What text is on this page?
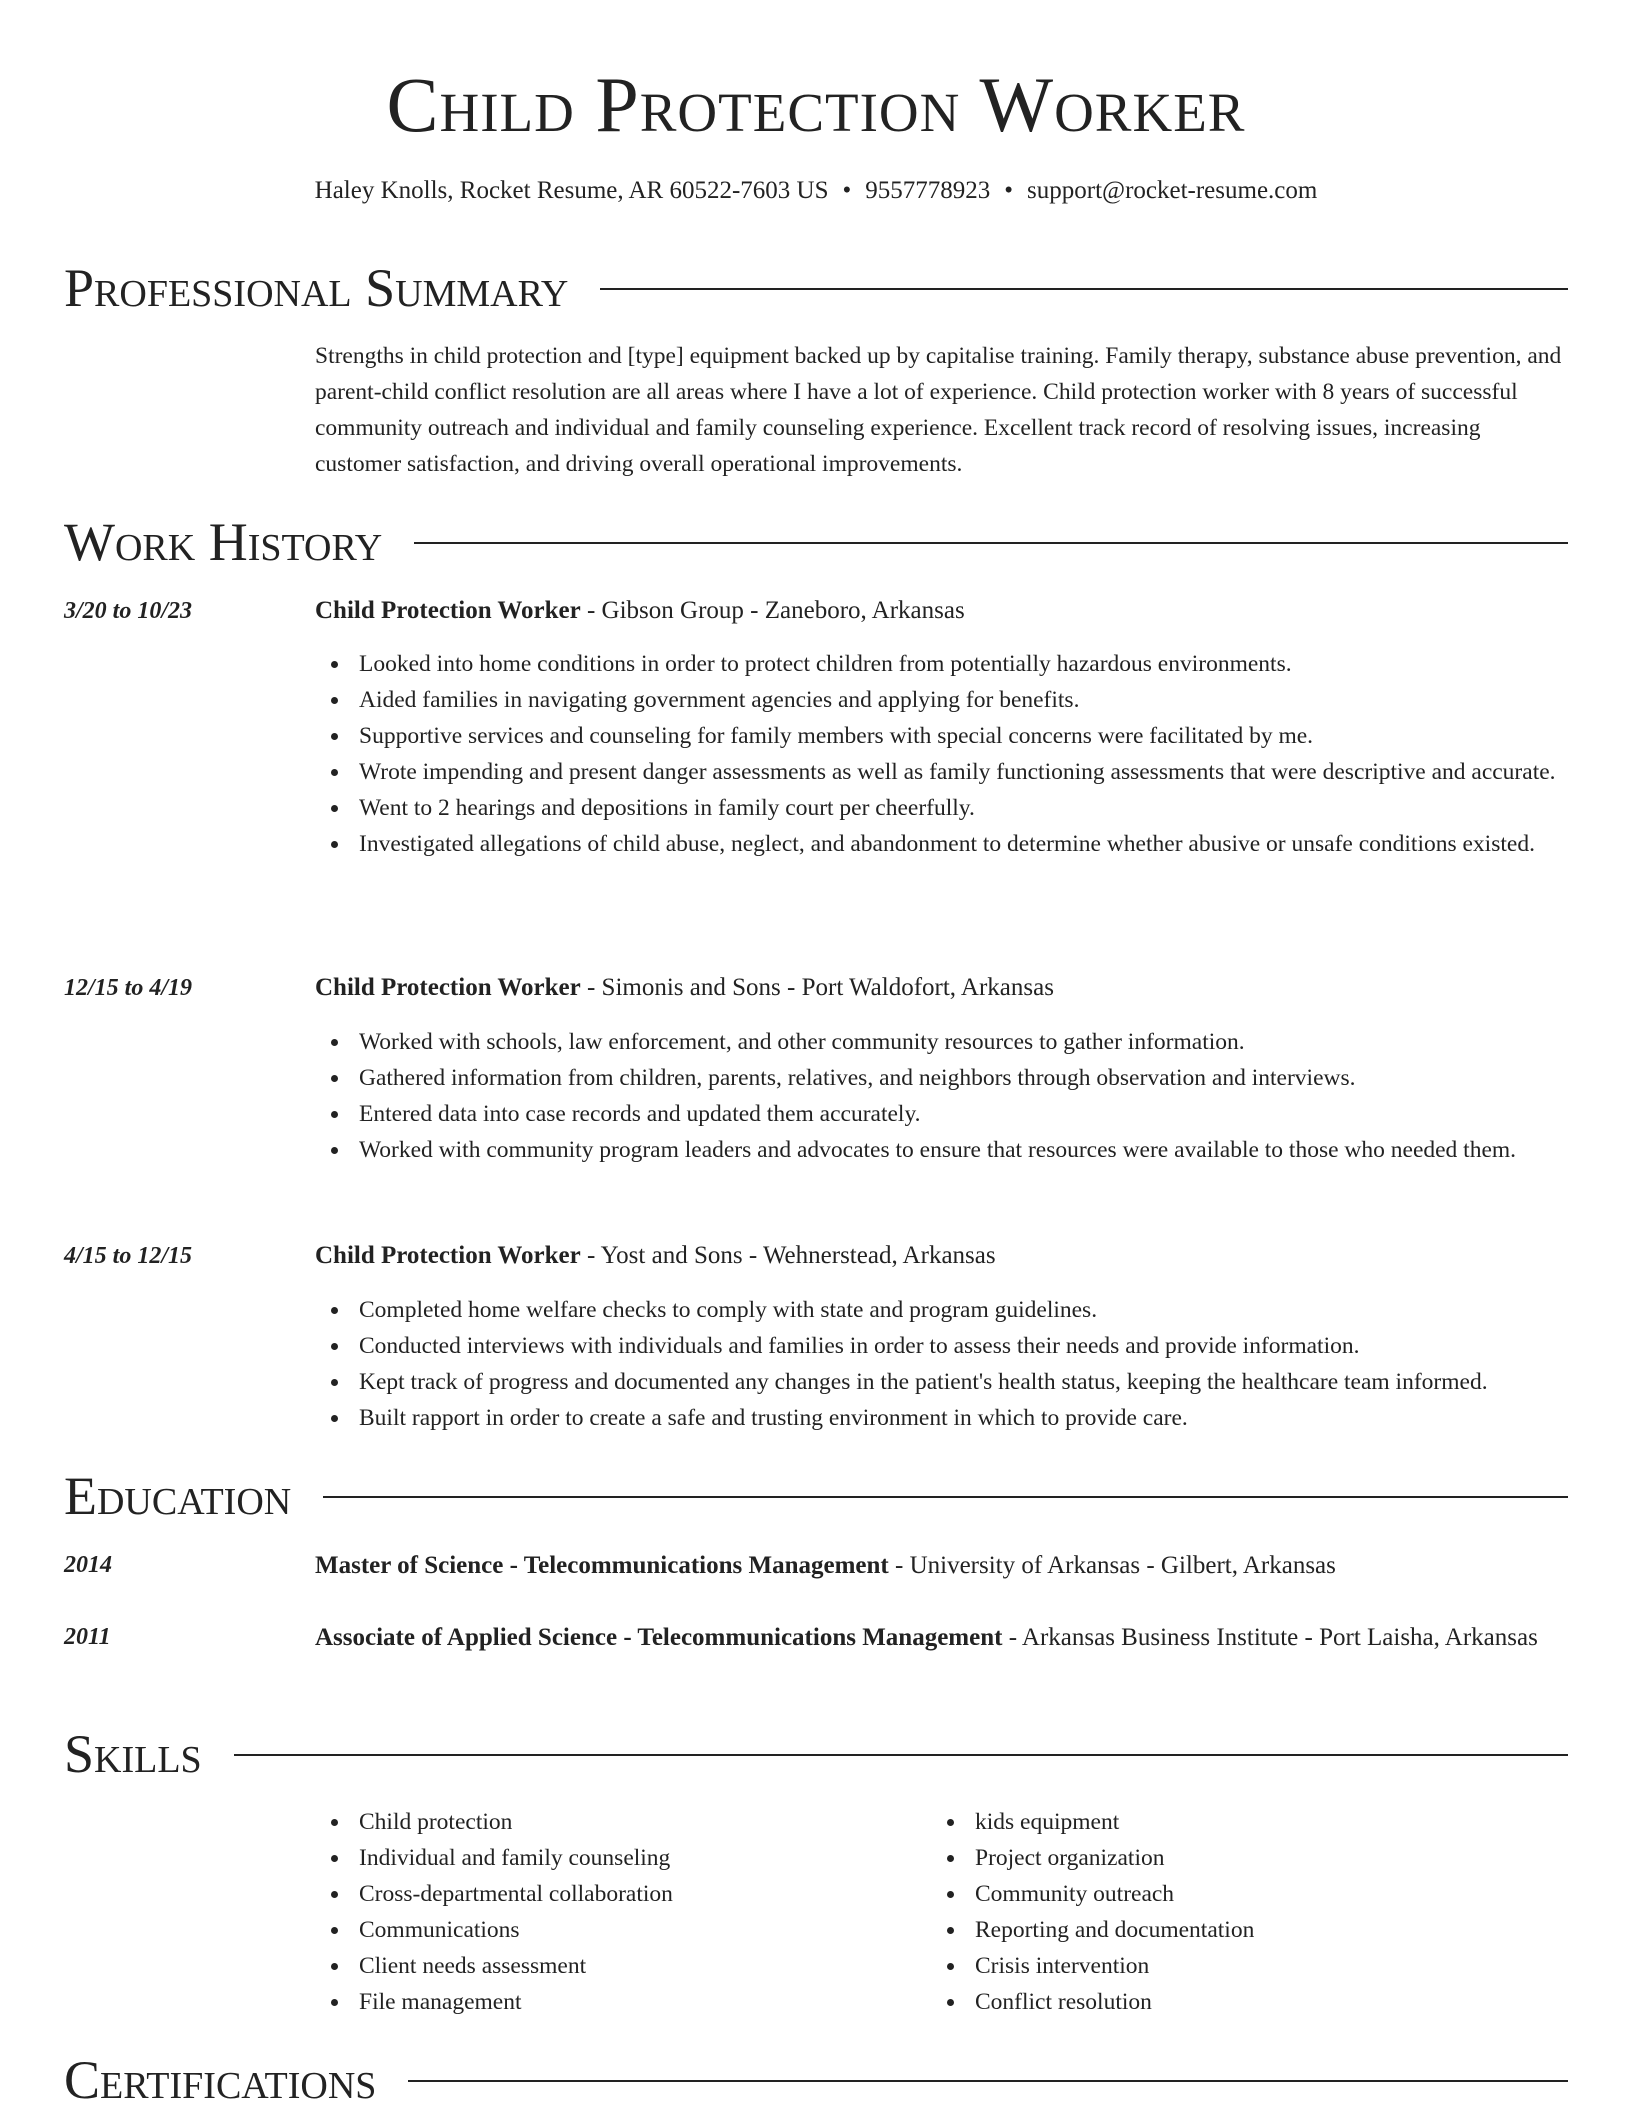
Child Protection Worker
Haley Knolls, Rocket Resume, AR 60522-7603 US • 9557778923 • support@rocket-resume.com
Professional Summary
Strengths in child protection and [type] equipment backed up by capitalise training. Family therapy, substance abuse prevention, and parent-child conflict resolution are all areas where I have a lot of experience. Child protection worker with 8 years of successful community outreach and individual and family counseling experience. Excellent track record of resolving issues, increasing customer satisfaction, and driving overall operational improvements.
Work History
3/20 to 10/23	Child Protection Worker - Gibson Group - Zaneboro, Arkansas
Looked into home conditions in order to protect children from potentially hazardous environments.
Aided families in navigating government agencies and applying for benefits.
Supportive services and counseling for family members with special concerns were facilitated by me.
Wrote impending and present danger assessments as well as family functioning assessments that were descriptive and accurate.
Went to 2 hearings and depositions in family court per cheerfully.
Investigated allegations of child abuse, neglect, and abandonment to determine whether abusive or unsafe conditions existed.
12/15 to 4/19	Child Protection Worker - Simonis and Sons - Port Waldofort, Arkansas
Worked with schools, law enforcement, and other community resources to gather information.
Gathered information from children, parents, relatives, and neighbors through observation and interviews.
Entered data into case records and updated them accurately.
Worked with community program leaders and advocates to ensure that resources were available to those who needed them.
4/15 to 12/15	Child Protection Worker - Yost and Sons - Wehnerstead, Arkansas
Completed home welfare checks to comply with state and program guidelines.
Conducted interviews with individuals and families in order to assess their needs and provide information.
Kept track of progress and documented any changes in the patient's health status, keeping the healthcare team informed.
Built rapport in order to create a safe and trusting environment in which to provide care.
Education
2014	Master of Science - Telecommunications Management - University of Arkansas - Gilbert, Arkansas
2011	Associate of Applied Science - Telecommunications Management - Arkansas Business Institute - Port Laisha, Arkansas
Skills
Child protection
Individual and family counseling
Cross-departmental collaboration
Communications
Client needs assessment
File management
kids equipment
Project organization
Community outreach
Reporting and documentation
Crisis intervention
Conflict resolution
Certifications
